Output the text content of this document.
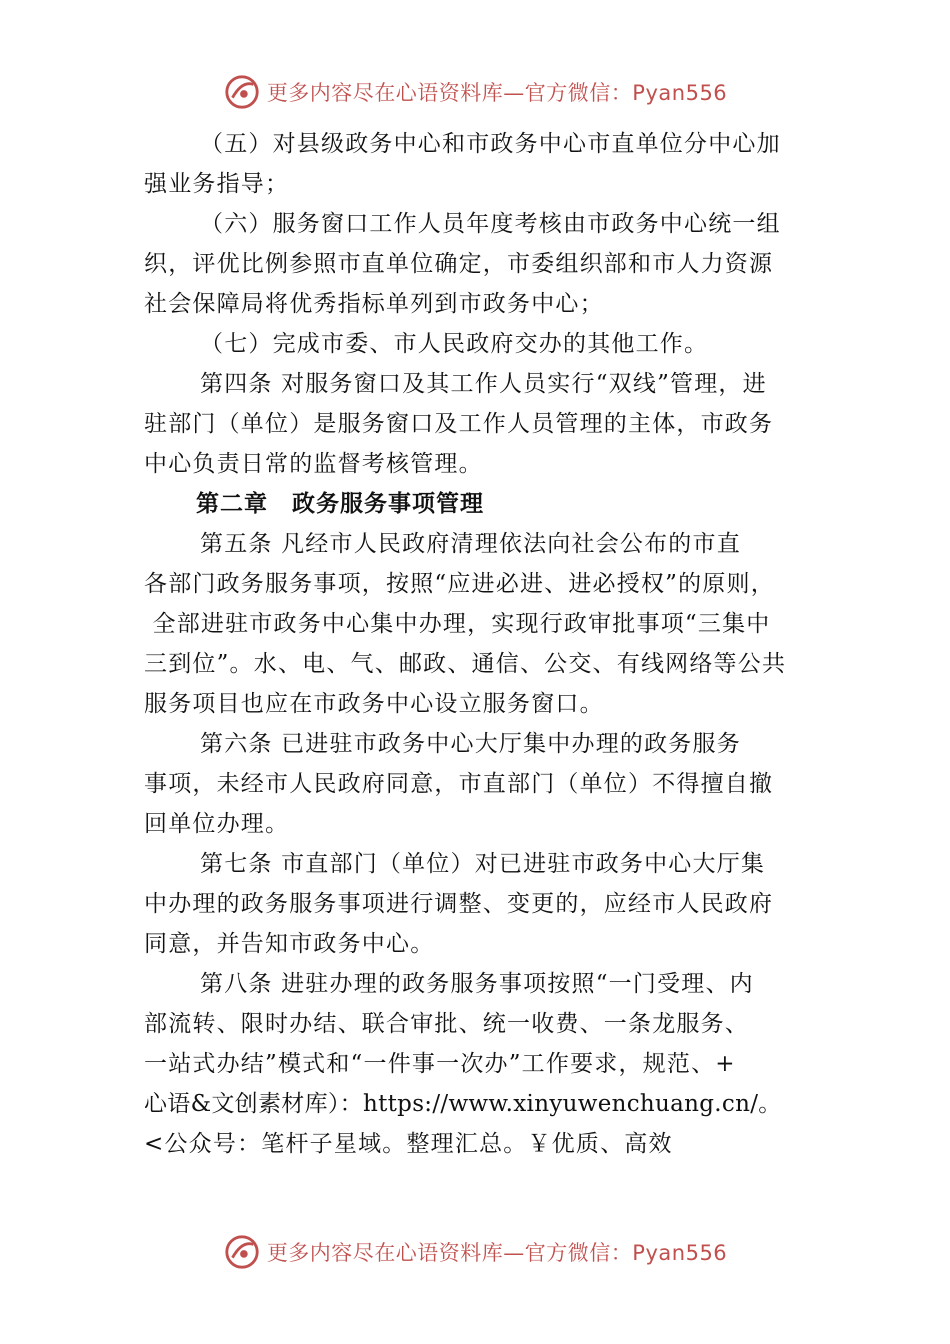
更多内容尽在心语资料库—官方微信：Pyan556

（五）对县级政务中心和市政务中心市直单位分中心加

强业务指导；

（六）服务窗口工作人员年度考核由市政务中心统一组

织，评优比例参照市直单位确定，市委组织部和市人力资源

社会保障局将优秀指标单列到市政务中心；

（七）完成市委、市人民政府交办的其他工作。

第四条 对服务窗口及其工作人员实行“双线”管理，进

驻部门（单位）是服务窗口及工作人员管理的主体，市政务

中心负责日常的监督考核管理。

第二章　政务服务事项管理

第五条 凡经市人民政府清理依法向社会公布的市直

各部门政务服务事项，按照“应进必进、进必授权”的原则，

全部进驻市政务中心集中办理，实现行政审批事项“三集中

三到位”。水、电、气、邮政、通信、公交、有线网络等公共

服务项目也应在市政务中心设立服务窗口。

第六条 已进驻市政务中心大厅集中办理的政务服务

事项，未经市人民政府同意，市直部门（单位）不得擅自撤

回单位办理。

第七条 市直部门（单位）对已进驻市政务中心大厅集

中办理的政务服务事项进行调整、变更的，应经市人民政府

同意，并告知市政务中心。

第八条 进驻办理的政务服务事项按照“一门受理、内

部流转、限时办结、联合审批、统一收费、一条龙服务、

一站式办结”模式和“一件事一次办”工作要求，规范、+

心语&文创素材库）：https://www.xinyuwenchuang.cn/。

<公众号：笔杆子星域。整理汇总。￥优质、高效

更多内容尽在心语资料库—官方微信：Pyan556
